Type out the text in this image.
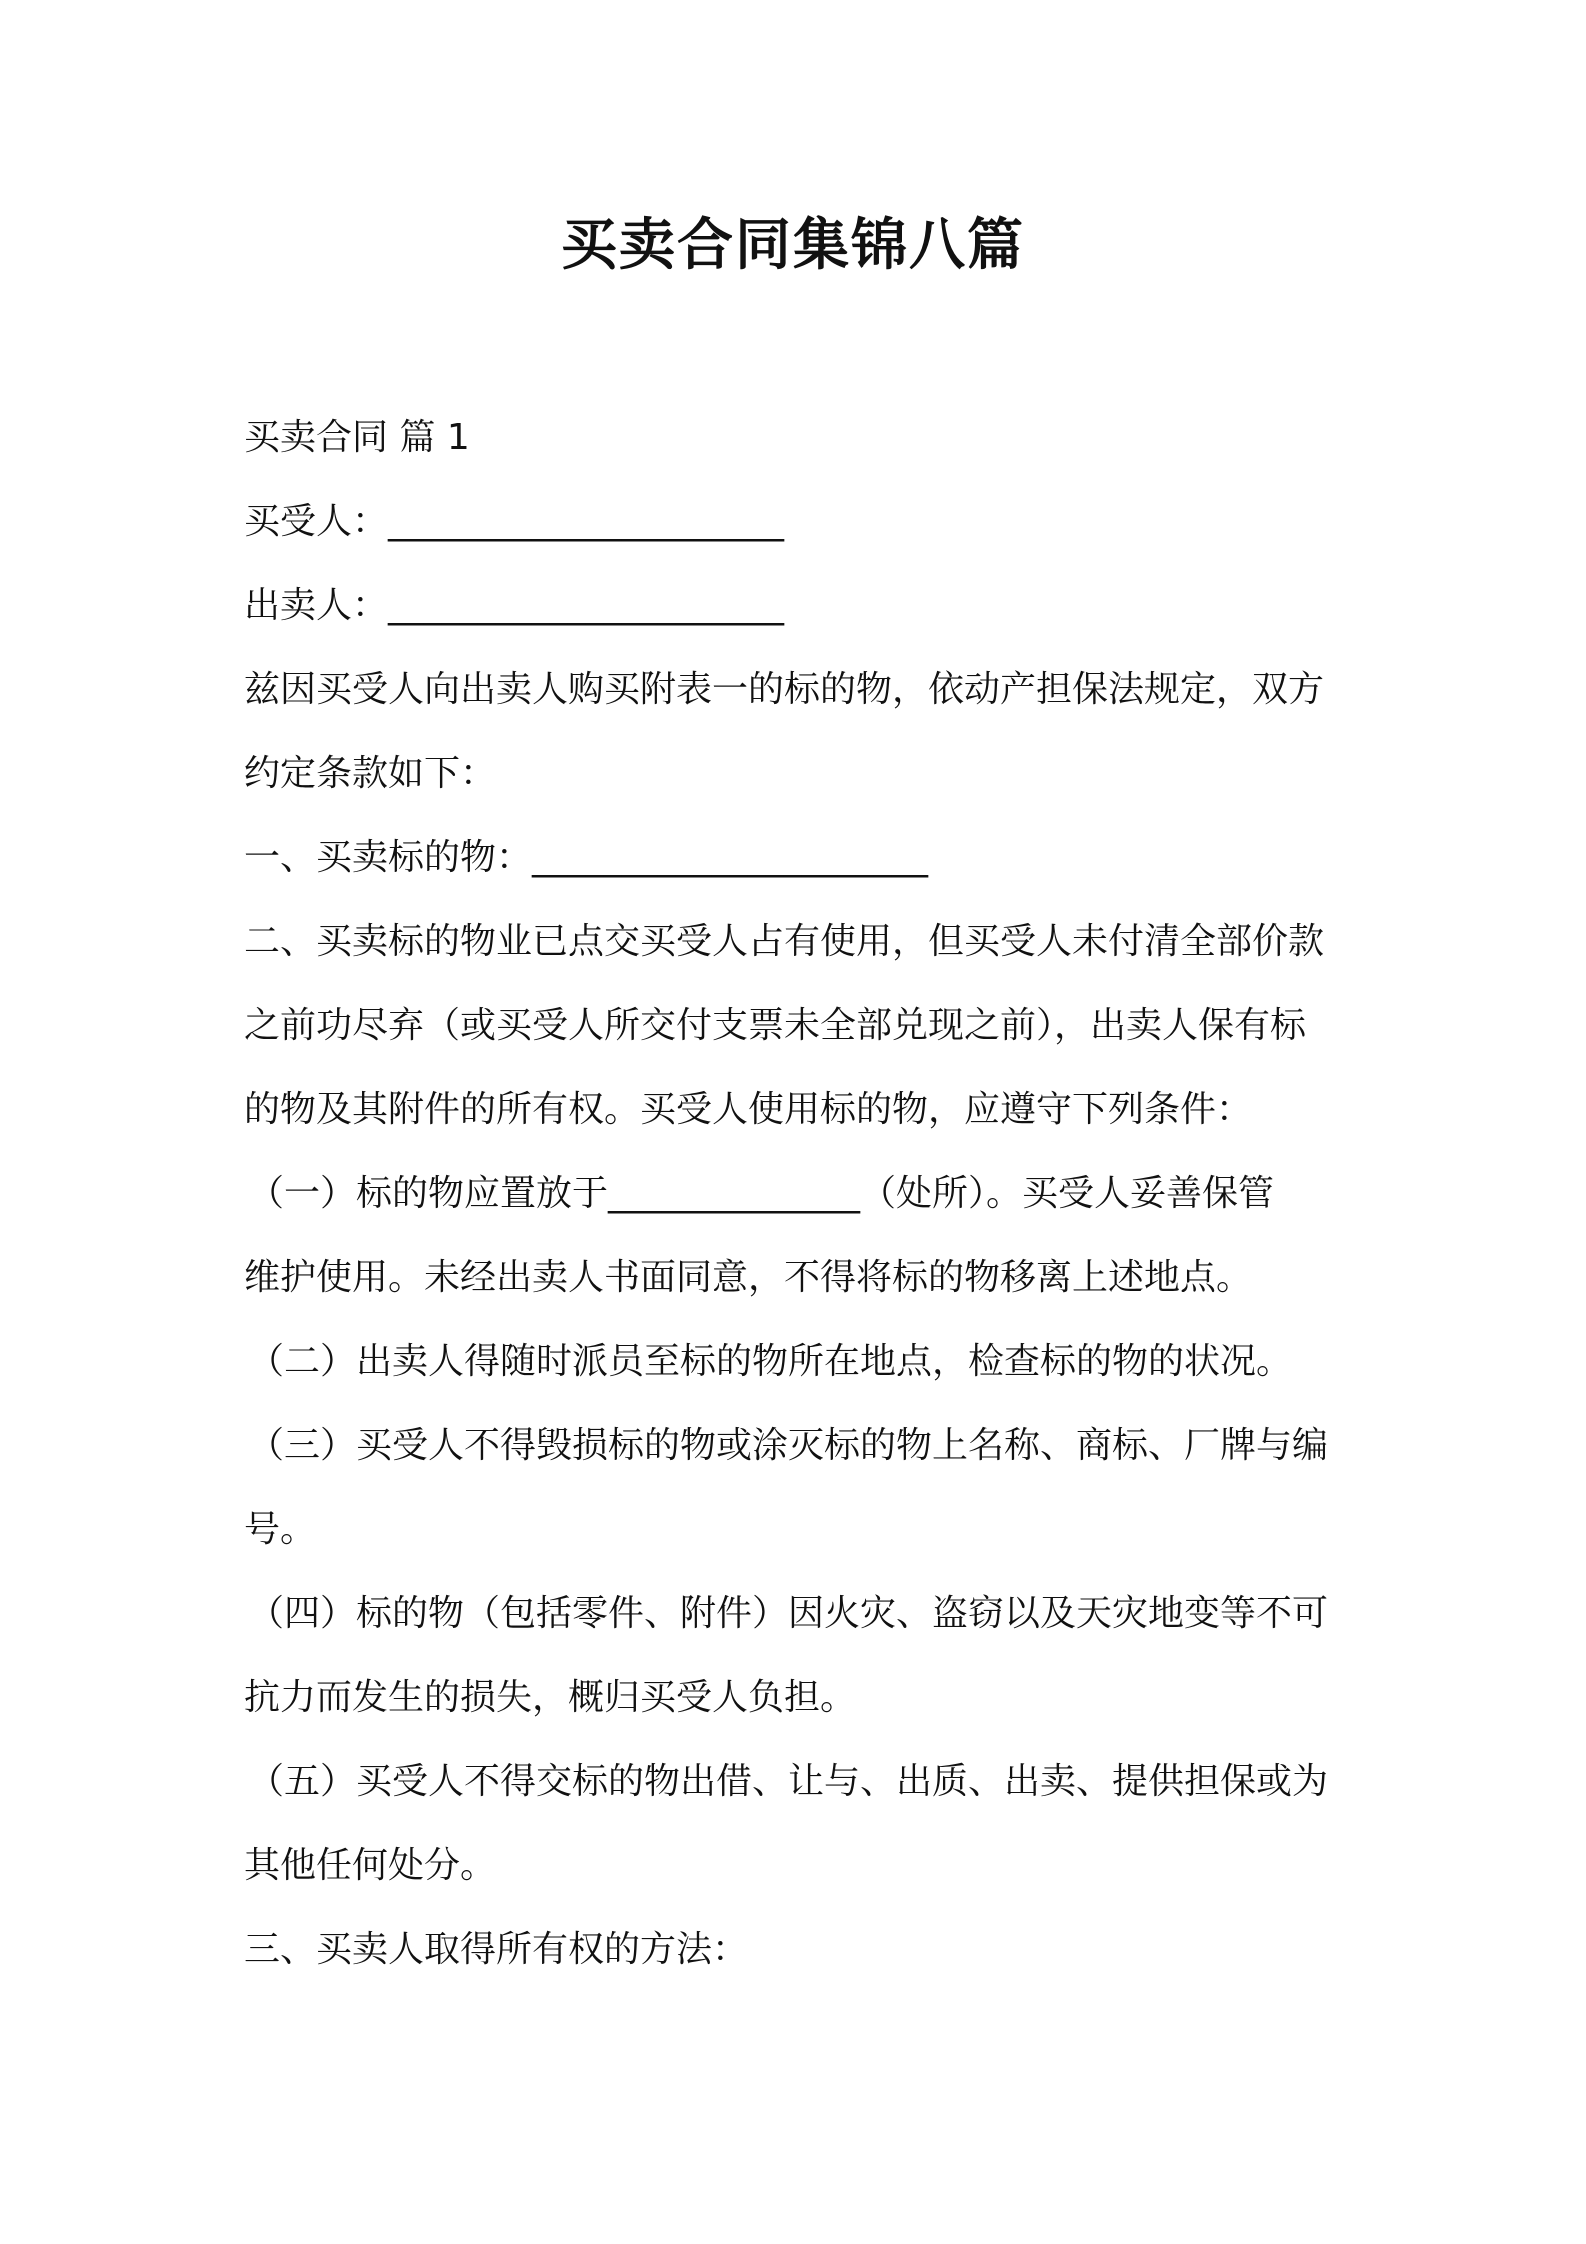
买卖合同集锦八篇

买卖合同 篇 1

买受人：______________________

出卖人：______________________

兹因买受人向出卖人购买附表一的标的物，依动产担保法规定，双方

约定条款如下：

一、买卖标的物：______________________

二、买卖标的物业已点交买受人占有使用，但买受人未付清全部价款

之前功尽弃（或买受人所交付支票未全部兑现之前），出卖人保有标

的物及其附件的所有权。买受人使用标的物，应遵守下列条件：

（一）标的物应置放于______________（处所）。买受人妥善保管

维护使用。未经出卖人书面同意，不得将标的物移离上述地点。

（二）出卖人得随时派员至标的物所在地点，检查标的物的状况。

（三）买受人不得毁损标的物或涂灭标的物上名称、商标、厂牌与编

号。

（四）标的物（包括零件、附件）因火灾、盗窃以及天灾地变等不可

抗力而发生的损失，概归买受人负担。

（五）买受人不得交标的物出借、让与、出质、出卖、提供担保或为

其他任何处分。

三、买卖人取得所有权的方法：
